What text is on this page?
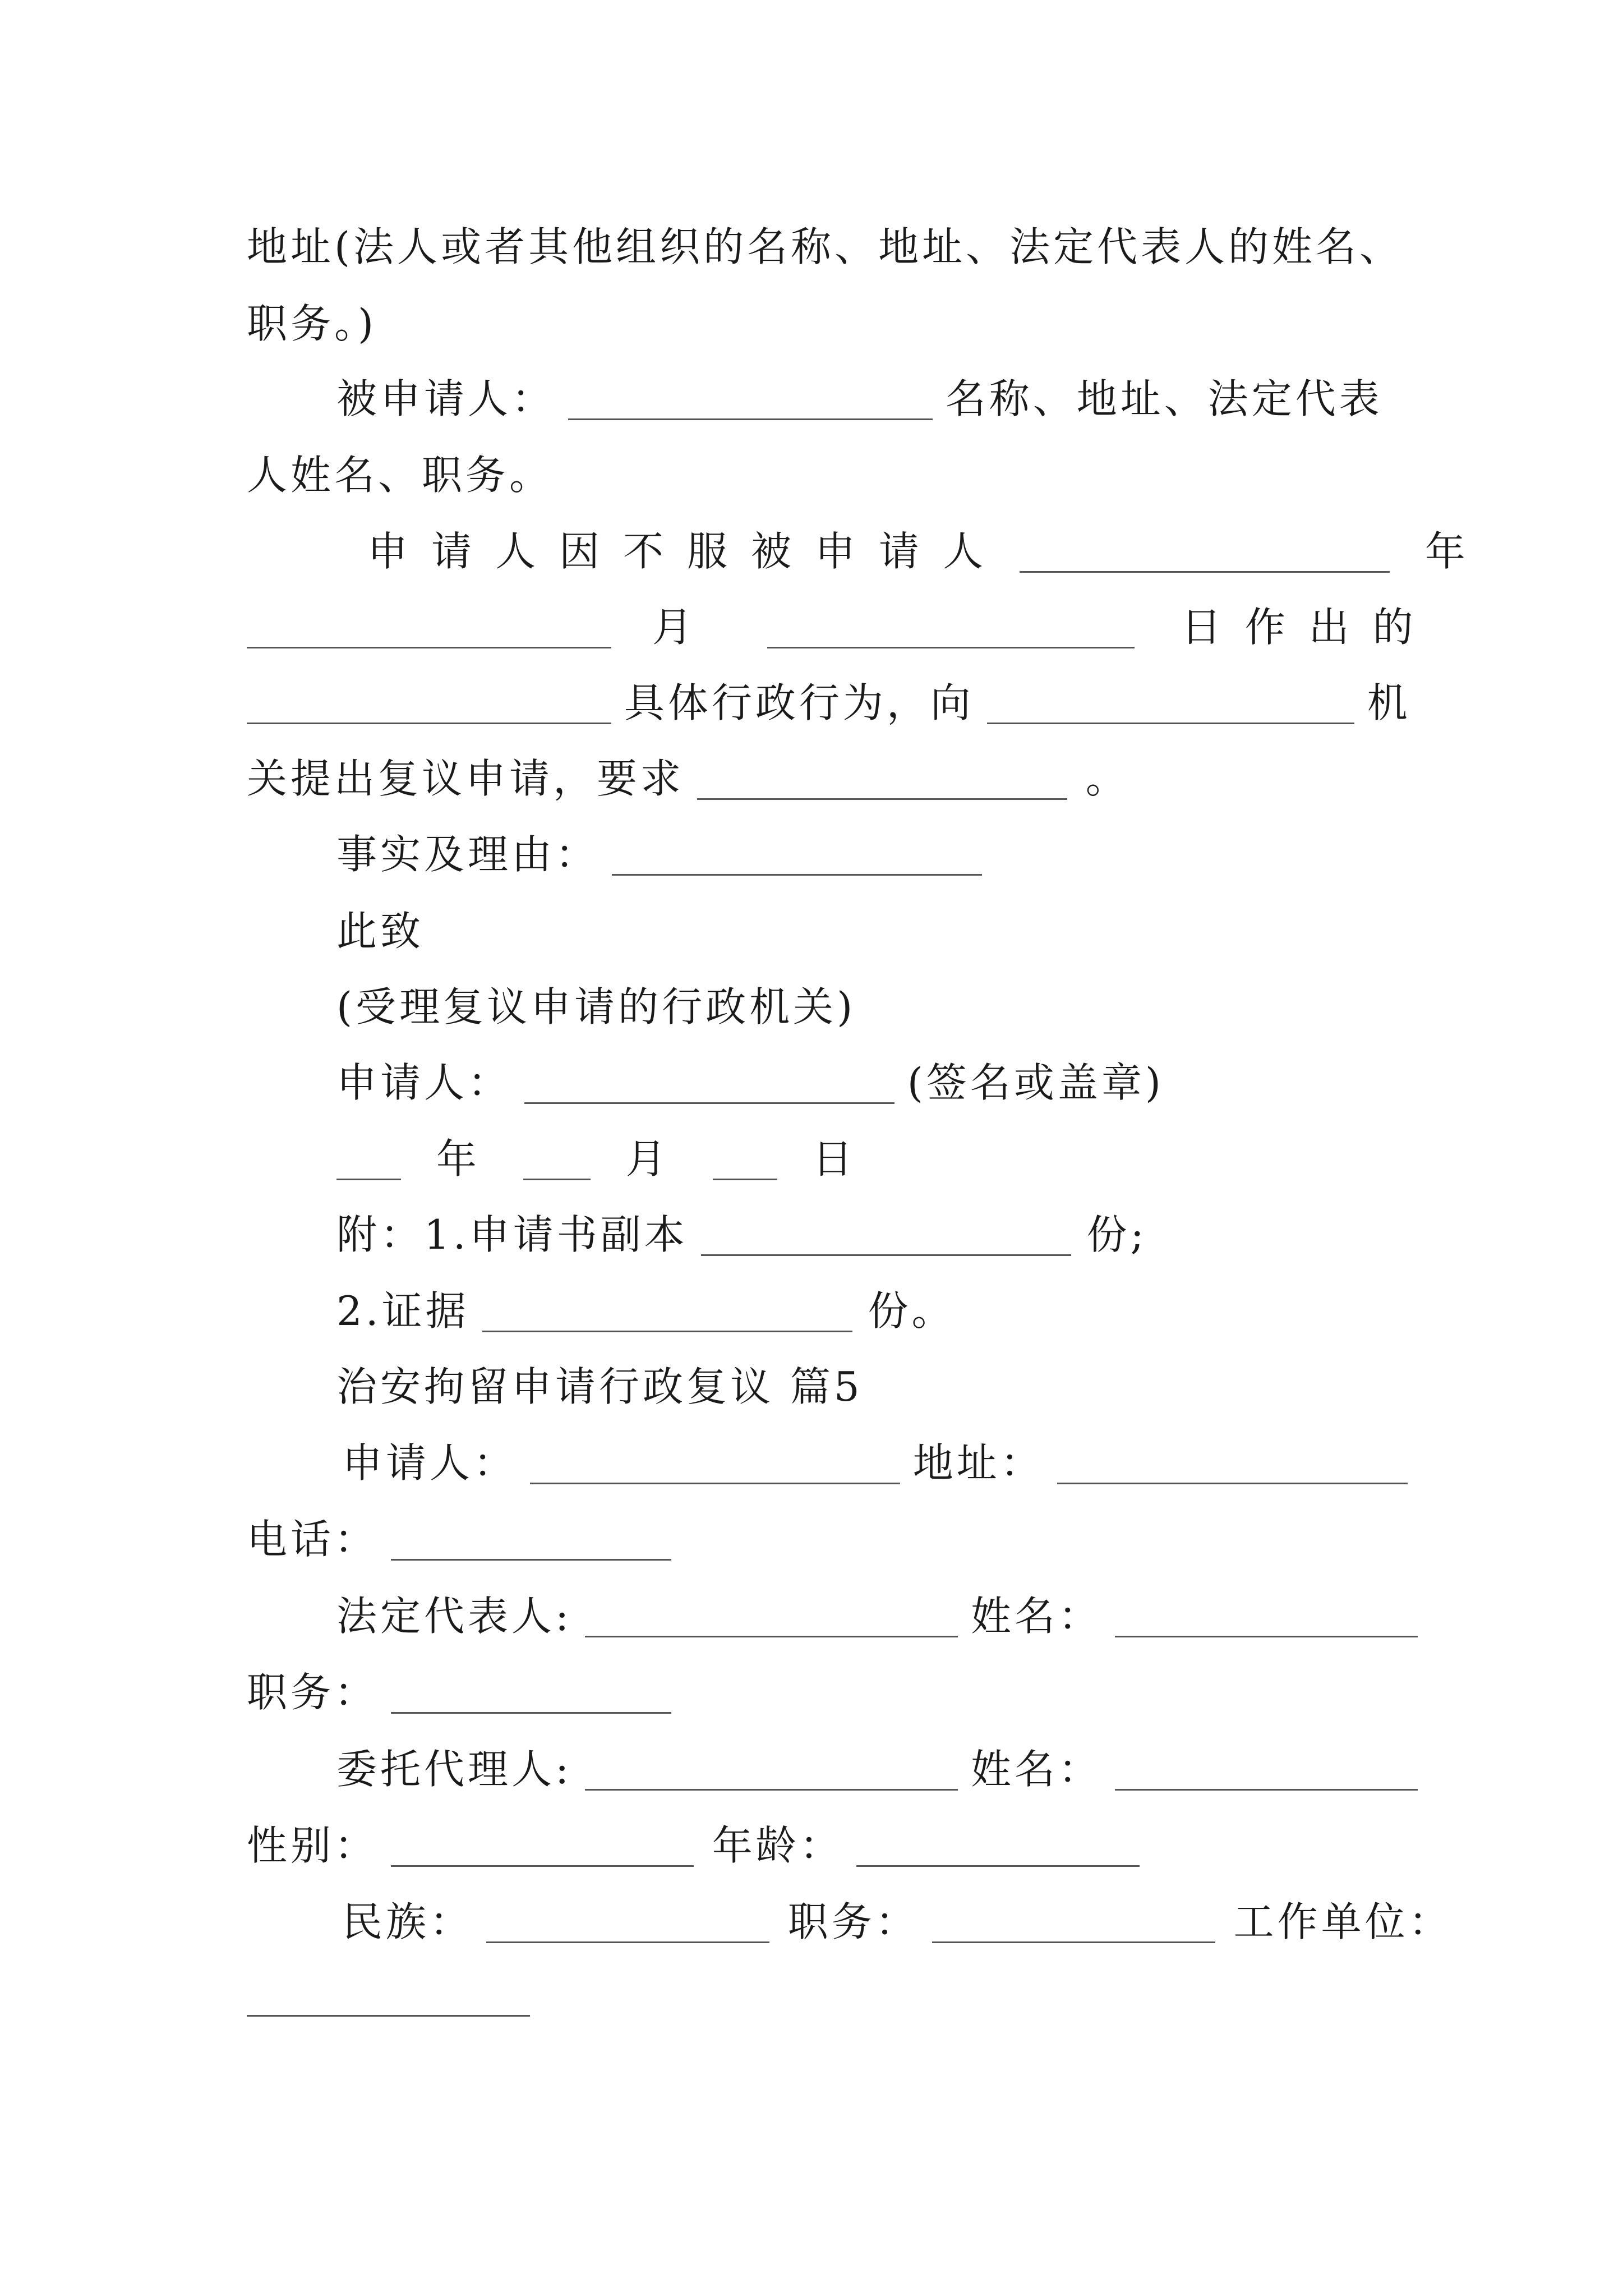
地址(法人或者其他组织的名称、地址、法定代表人的姓名、
职务。)
被申请人：	名称、地址、法定代表
人姓名、职务。
申请人因不服被申请人	年
月	日作出的
具体行政行为，向	机
关提出复议申请，要求	。
事实及理由：
此致
(受理复议申请的行政机关)
申请人：	(签名或盖章)
年	月	日
附：1.申请书副本	份;
2.证据	份。
治安拘留申请行政复议 篇5
申请人：	地址：
电话：
法定代表人:	姓名：
职务：
委托代理人:	姓名：
性别：	年龄：
民族：	职务：	工作单位：
